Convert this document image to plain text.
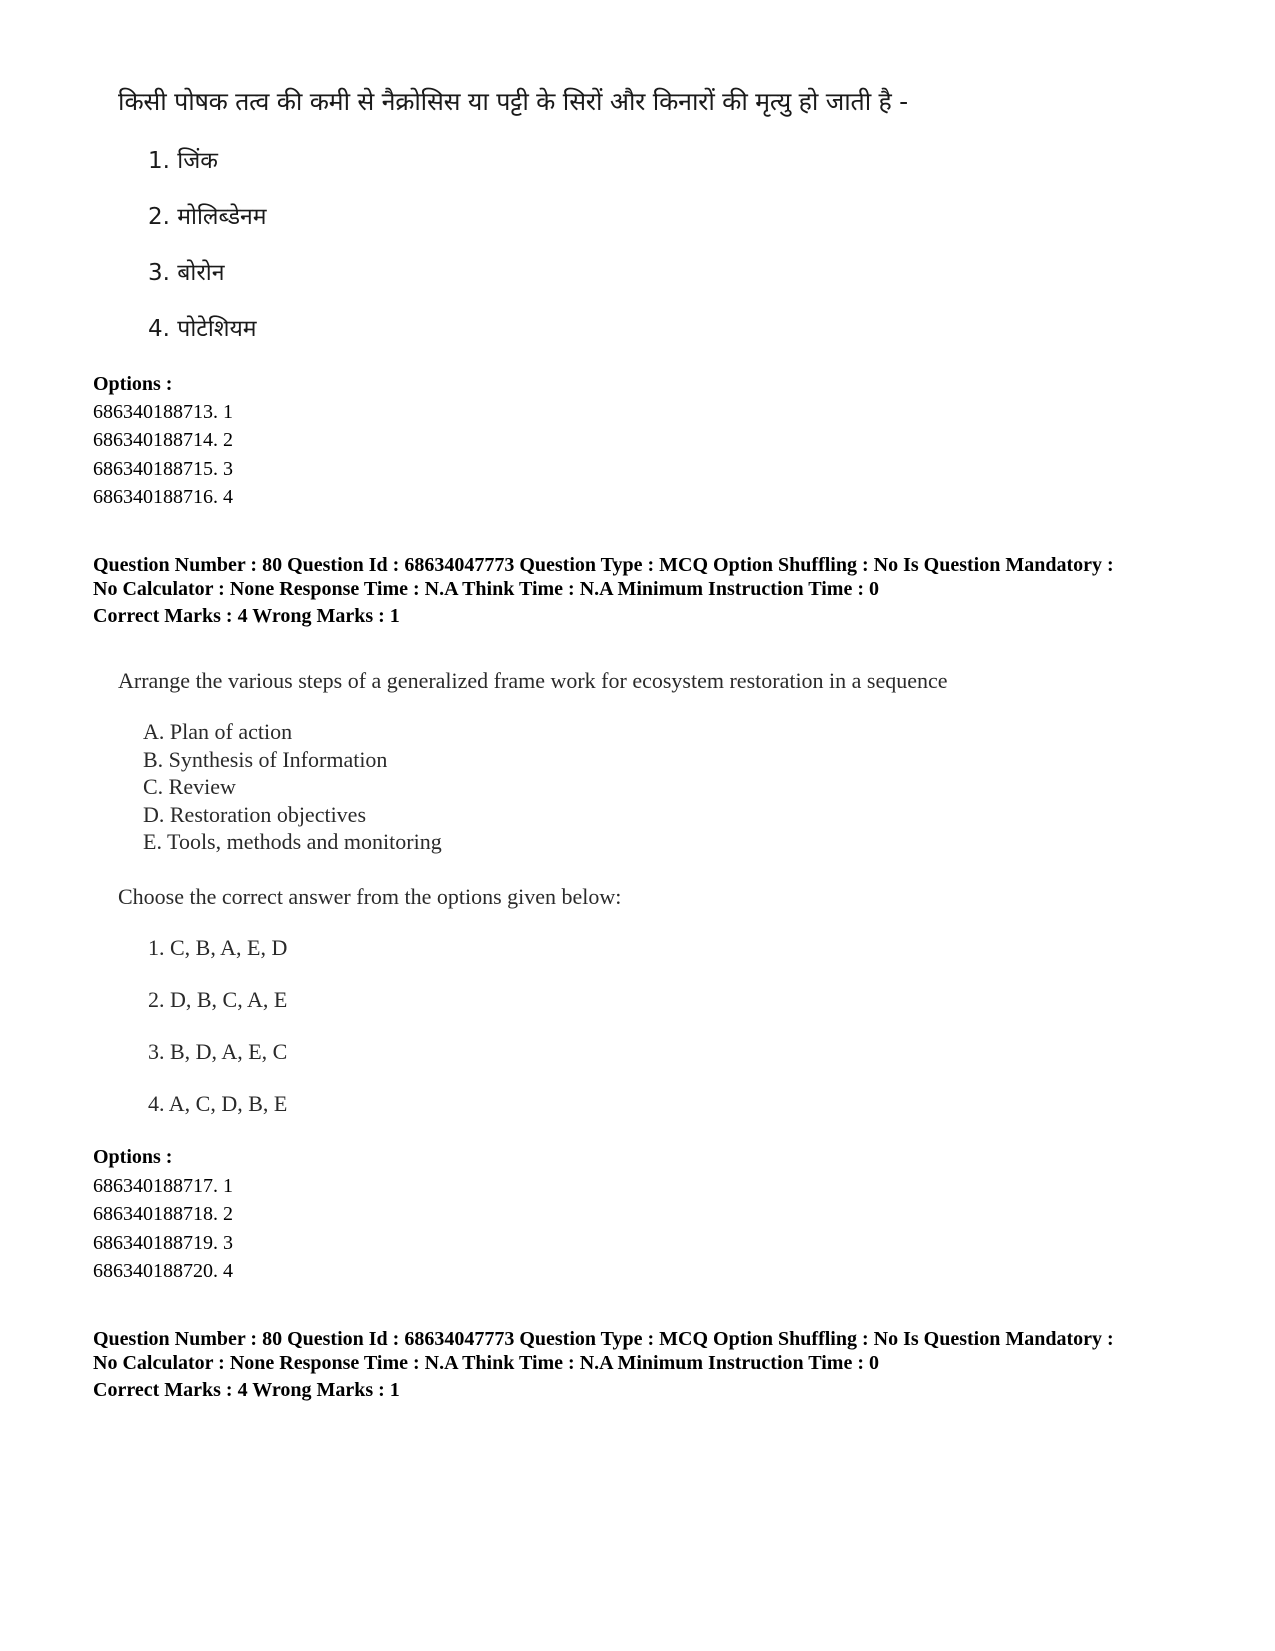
किसी पोषक तत्व की कमी से नैक्रोसिस या पट्टी के सिरों और किनारों की मृत्यु हो जाती है -
1. जिंक
2. मोलिब्डेनम
3. बोरोन
4. पोटेशियम
Options :
686340188713. 1
686340188714. 2
686340188715. 3
686340188716. 4
Question Number : 80 Question Id : 68634047773 Question Type : MCQ Option Shuffling : No Is Question Mandatory :
No Calculator : None Response Time : N.A Think Time : N.A Minimum Instruction Time : 0
Correct Marks : 4 Wrong Marks : 1
Arrange the various steps of a generalized frame work for ecosystem restoration in a sequence
A. Plan of action
B. Synthesis of Information
C. Review
D. Restoration objectives
E. Tools, methods and monitoring
Choose the correct answer from the options given below:
1. C, B, A, E, D
2. D, B, C, A, E
3. B, D, A, E, C
4. A, C, D, B, E
Options :
686340188717. 1
686340188718. 2
686340188719. 3
686340188720. 4
Question Number : 80 Question Id : 68634047773 Question Type : MCQ Option Shuffling : No Is Question Mandatory :
No Calculator : None Response Time : N.A Think Time : N.A Minimum Instruction Time : 0
Correct Marks : 4 Wrong Marks : 1
